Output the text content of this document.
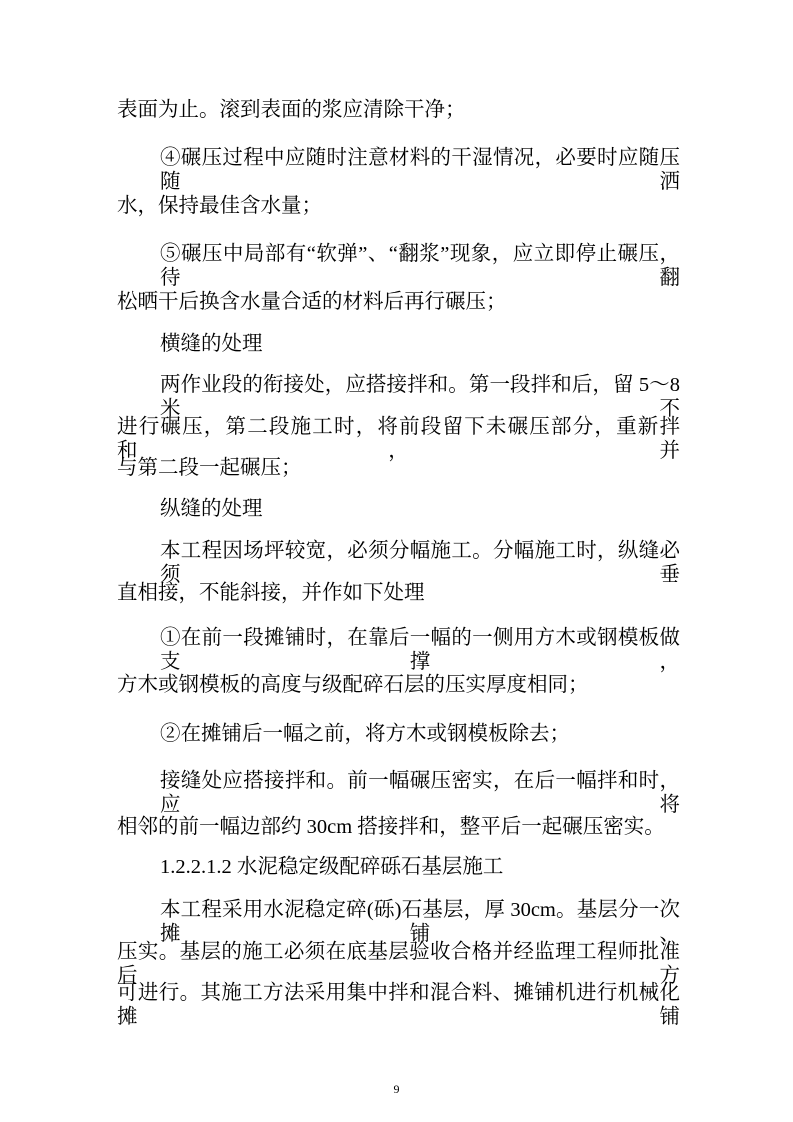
表面为止。滚到表面的浆应清除干净；
④碾压过程中应随时注意材料的干湿情况，必要时应随压随洒
水，保持最佳含水量；
⑤碾压中局部有“软弹”、“翻浆”现象，应立即停止碾压，待翻
松晒干后换含水量合适的材料后再行碾压；
横缝的处理
两作业段的衔接处，应搭接拌和。第一段拌和后，留 5～8 米不
进行碾压，第二段施工时，将前段留下未碾压部分，重新拌和，并
与第二段一起碾压；
纵缝的处理
本工程因场坪较宽，必须分幅施工。分幅施工时，纵缝必须垂
直相接，不能斜接，并作如下处理
①在前一段摊铺时，在靠后一幅的一侧用方木或钢模板做支撑，
方木或钢模板的高度与级配碎石层的压实厚度相同；
②在摊铺后一幅之前，将方木或钢模板除去；
接缝处应搭接拌和。前一幅碾压密实，在后一幅拌和时，应将
相邻的前一幅边部约 30cm 搭接拌和，整平后一起碾压密实。
1.2.2.1.2 水泥稳定级配碎砾石基层施工
本工程采用水泥稳定碎(砾)石基层，厚 30cm。基层分一次摊铺、
压实。基层的施工必须在底基层验收合格并经监理工程师批准后方
可进行。其施工方法采用集中拌和混合料、摊铺机进行机械化摊铺
9
